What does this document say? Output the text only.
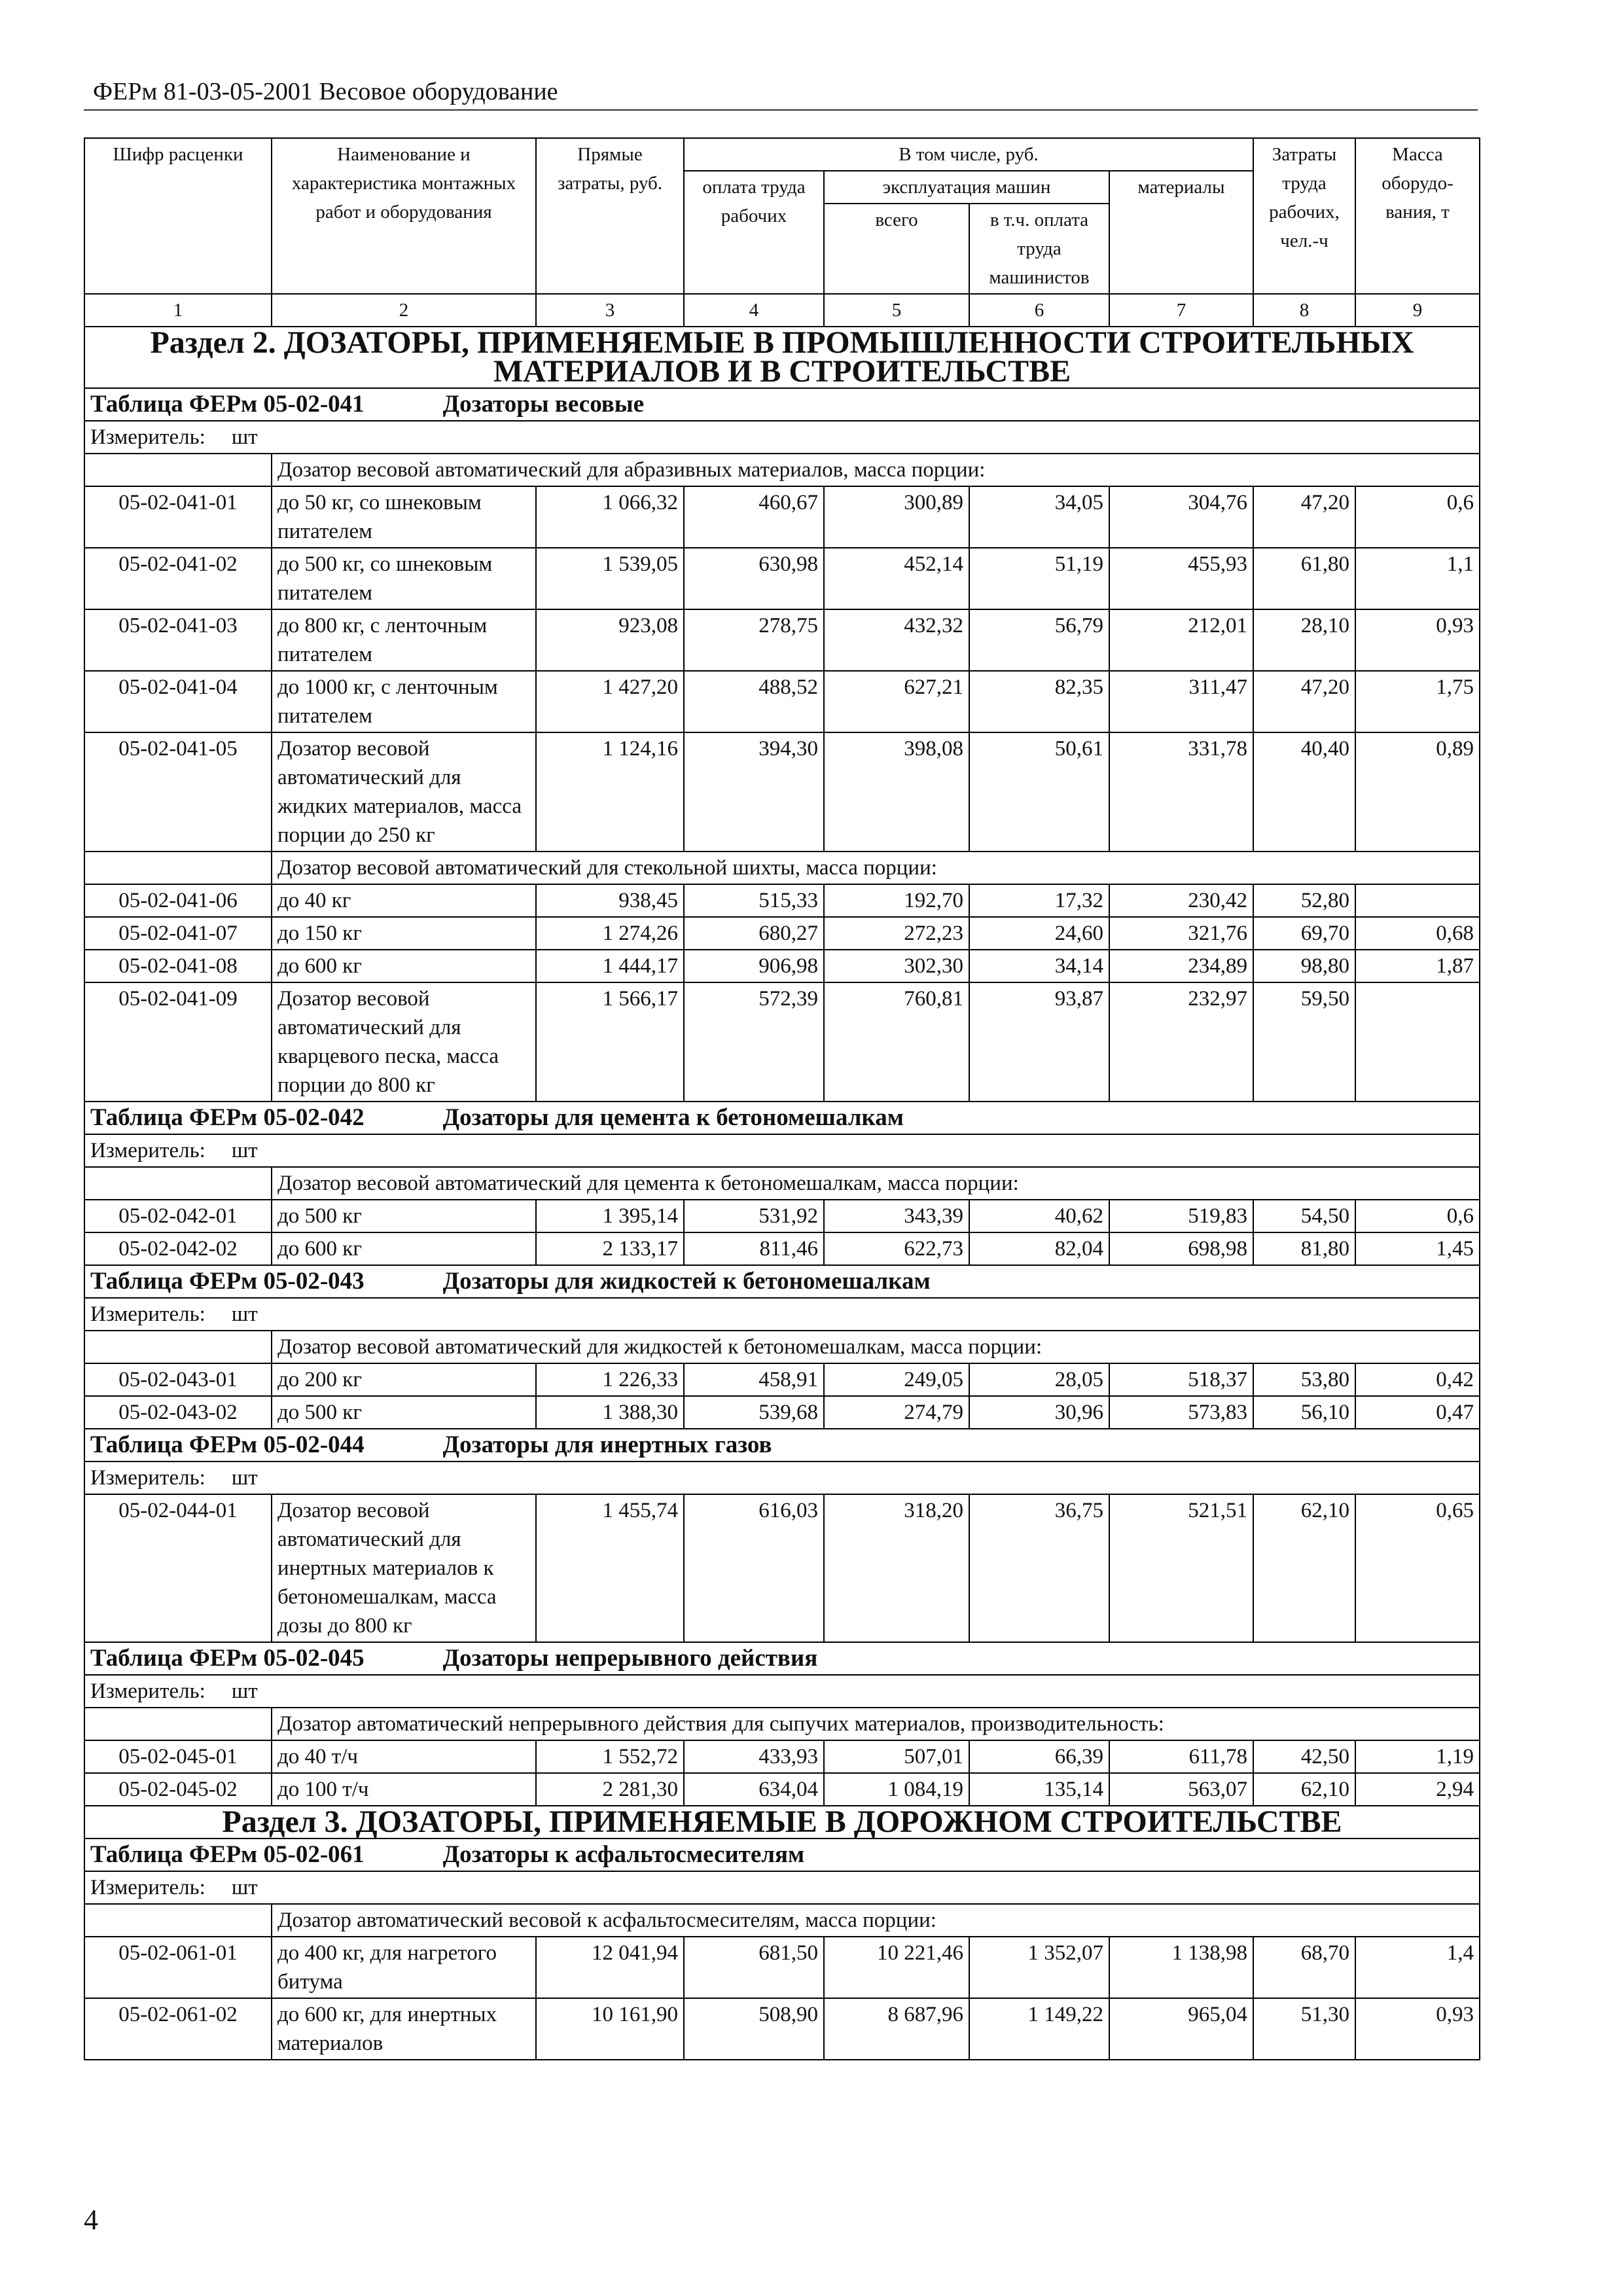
ФЕРм 81-03-05-2001 Весовое оборудование
Шифр расценки	Наименование и характеристика монтажных работ и оборудования	Прямые затраты, руб.	В том числе, руб.				Затраты труда рабочих, чел.-ч	Масса оборудо-вания, т
			оплата труда рабочих	эксплуатация машин		материалы		
				всего	в т.ч. оплата труда машинистов			
1	2	3	4	5	6	7	8	9
Раздел 2. ДОЗАТОРЫ, ПРИМЕНЯЕМЫЕ В ПРОМЫШЛЕННОСТИ СТРОИТЕЛЬНЫХ МАТЕРИАЛОВ И В СТРОИТЕЛЬСТВЕ								
Таблица ФЕРм 05-02-041 Дозаторы весовые								
Измеритель: шт								
	Дозатор весовой автоматический для абразивных материалов, масса порции:							
05-02-041-01	до 50 кг, со шнековым питателем	1 066,32	460,67	300,89	34,05	304,76	47,20	0,6
05-02-041-02	до 500 кг, со шнековым питателем	1 539,05	630,98	452,14	51,19	455,93	61,80	1,1
05-02-041-03	до 800 кг, с ленточным питателем	923,08	278,75	432,32	56,79	212,01	28,10	0,93
05-02-041-04	до 1000 кг, с ленточным питателем	1 427,20	488,52	627,21	82,35	311,47	47,20	1,75
05-02-041-05	Дозатор весовой автоматический для жидких материалов, масса порции до 250 кг	1 124,16	394,30	398,08	50,61	331,78	40,40	0,89
	Дозатор весовой автоматический для стекольной шихты, масса порции:							
05-02-041-06	до 40 кг	938,45	515,33	192,70	17,32	230,42	52,80	
05-02-041-07	до 150 кг	1 274,26	680,27	272,23	24,60	321,76	69,70	0,68
05-02-041-08	до 600 кг	1 444,17	906,98	302,30	34,14	234,89	98,80	1,87
05-02-041-09	Дозатор весовой автоматический для кварцевого песка, масса порции до 800 кг	1 566,17	572,39	760,81	93,87	232,97	59,50	
Таблица ФЕРм 05-02-042 Дозаторы для цемента к бетономешалкам								
Измеритель: шт								
	Дозатор весовой автоматический для цемента к бетономешалкам, масса порции:							
05-02-042-01	до 500 кг	1 395,14	531,92	343,39	40,62	519,83	54,50	0,6
05-02-042-02	до 600 кг	2 133,17	811,46	622,73	82,04	698,98	81,80	1,45
Таблица ФЕРм 05-02-043 Дозаторы для жидкостей к бетономешалкам								
Измеритель: шт								
	Дозатор весовой автоматический для жидкостей к бетономешалкам, масса порции:							
05-02-043-01	до 200 кг	1 226,33	458,91	249,05	28,05	518,37	53,80	0,42
05-02-043-02	до 500 кг	1 388,30	539,68	274,79	30,96	573,83	56,10	0,47
Таблица ФЕРм 05-02-044 Дозаторы для инертных газов								
Измеритель: шт								
05-02-044-01	Дозатор весовой автоматический для инертных материалов к бетономешалкам, масса дозы до 800 кг	1 455,74	616,03	318,20	36,75	521,51	62,10	0,65
Таблица ФЕРм 05-02-045 Дозаторы непрерывного действия								
Измеритель: шт								
	Дозатор автоматический непрерывного действия для сыпучих материалов, производительность:							
05-02-045-01	до 40 т/ч	1 552,72	433,93	507,01	66,39	611,78	42,50	1,19
05-02-045-02	до 100 т/ч	2 281,30	634,04	1 084,19	135,14	563,07	62,10	2,94
Раздел 3. ДОЗАТОРЫ, ПРИМЕНЯЕМЫЕ В ДОРОЖНОМ СТРОИТЕЛЬСТВЕ								
Таблица ФЕРм 05-02-061 Дозаторы к асфальтосмесителям								
Измеритель: шт								
	Дозатор автоматический весовой к асфальтосмесителям, масса порции:							
05-02-061-01	до 400 кг, для нагретого битума	12 041,94	681,50	10 221,46	1 352,07	1 138,98	68,70	1,4
05-02-061-02	до 600 кг, для инертных материалов	10 161,90	508,90	8 687,96	1 149,22	965,04	51,30	0,93
4
